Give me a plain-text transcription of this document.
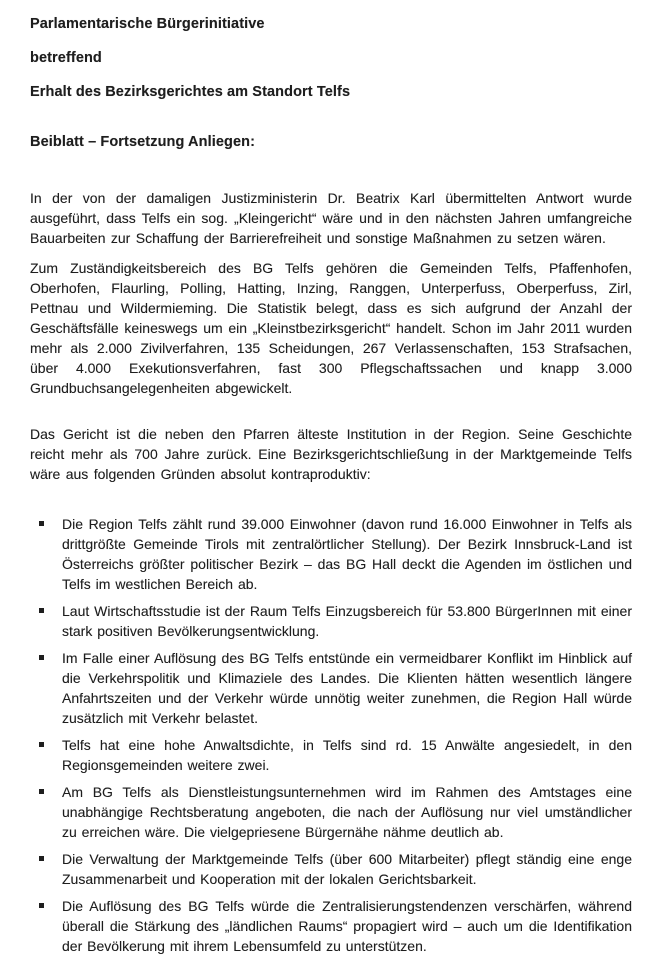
Parlamentarische Bürgerinitiative
betreffend
Erhalt des Bezirksgerichtes am Standort Telfs
Beiblatt – Fortsetzung Anliegen:
In der von der damaligen Justizministerin Dr. Beatrix Karl übermittelten Antwort wurde ausgeführt, dass Telfs ein sog. „Kleingericht“ wäre und in den nächsten Jahren umfangreiche Bauarbeiten zur Schaffung der Barrierefreiheit und sonstige Maßnahmen zu setzen wären.
Zum Zuständigkeitsbereich des BG Telfs gehören die Gemeinden Telfs, Pfaffenhofen, Oberhofen, Flaurling, Polling, Hatting, Inzing, Ranggen, Unterperfuss, Oberperfuss, Zirl, Pettnau und Wildermieming. Die Statistik belegt, dass es sich aufgrund der Anzahl der Geschäftsfälle keineswegs um ein „Kleinstbezirksgericht“ handelt. Schon im Jahr 2011 wurden mehr als 2.000 Zivilverfahren, 135 Scheidungen, 267 Verlassenschaften, 153 Strafsachen, über 4.000 Exekutionsverfahren, fast 300 Pflegschaftssachen und knapp 3.000 Grundbuchsangelegenheiten abgewickelt.
Das Gericht ist die neben den Pfarren älteste Institution in der Region. Seine Geschichte reicht mehr als 700 Jahre zurück. Eine Bezirksgerichtschließung in der Marktgemeinde Telfs wäre aus folgenden Gründen absolut kontraproduktiv:
Die Region Telfs zählt rund 39.000 Einwohner (davon rund 16.000 Einwohner in Telfs als drittgrößte Gemeinde Tirols mit zentralörtlicher Stellung). Der Bezirk Innsbruck-Land ist Österreichs größter politischer Bezirk – das BG Hall deckt die Agenden im östlichen und Telfs im westlichen Bereich ab.
Laut Wirtschaftsstudie ist der Raum Telfs Einzugsbereich für 53.800 BürgerInnen mit einer stark positiven Bevölkerungsentwicklung.
Im Falle einer Auflösung des BG Telfs entstünde ein vermeidbarer Konflikt im Hinblick auf die Verkehrspolitik und Klimaziele des Landes. Die Klienten hätten wesentlich längere Anfahrtszeiten und der Verkehr würde unnötig weiter zunehmen, die Region Hall würde zusätzlich mit Verkehr belastet.
Telfs hat eine hohe Anwaltsdichte, in Telfs sind rd. 15 Anwälte angesiedelt, in den Regionsgemeinden weitere zwei.
Am BG Telfs als Dienstleistungsunternehmen wird im Rahmen des Amtstages eine unabhängige Rechtsberatung angeboten, die nach der Auflösung nur viel umständlicher zu erreichen wäre. Die vielgepriesene Bürgernähe nähme deutlich ab.
Die Verwaltung der Marktgemeinde Telfs (über 600 Mitarbeiter) pflegt ständig eine enge Zusammenarbeit und Kooperation mit der lokalen Gerichtsbarkeit.
Die Auflösung des BG Telfs würde die Zentralisierungstendenzen verschärfen, während überall die Stärkung des „ländlichen Raums“ propagiert wird – auch um die Identifikation der Bevölkerung mit ihrem Lebensumfeld zu unterstützen.
